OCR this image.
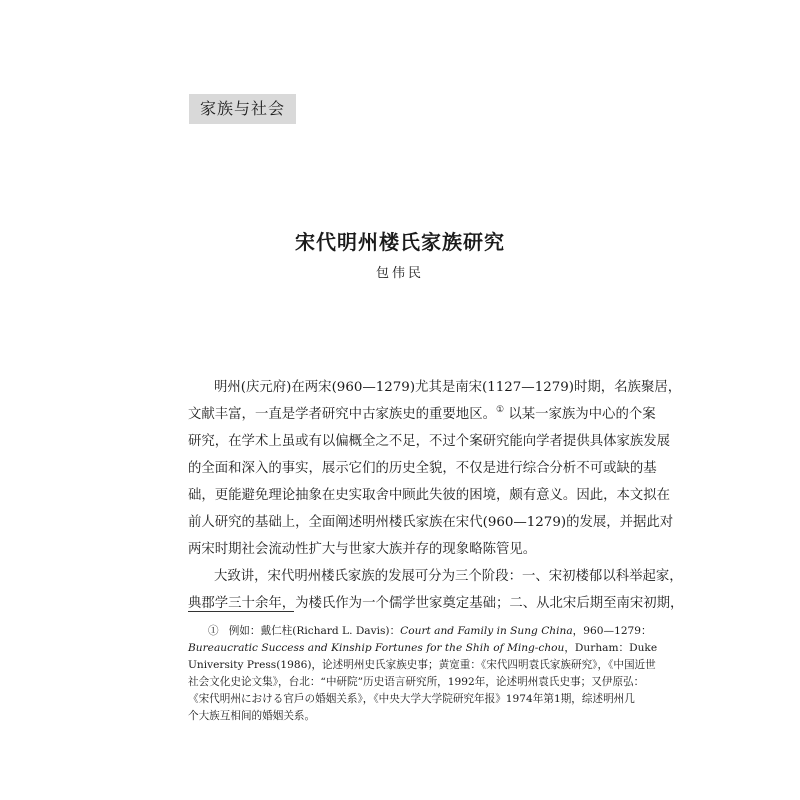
家族与社会
宋代明州楼氏家族研究
包伟民
明州(庆元府)在两宋(960—1279)尤其是南宋(1127—1279)时期，名族聚居，
文献丰富，一直是学者研究中古家族史的重要地区。① 以某一家族为中心的个案
研究，在学术上虽或有以偏概全之不足，不过个案研究能向学者提供具体家族发展
的全面和深入的事实，展示它们的历史全貌，不仅是进行综合分析不可或缺的基
础，更能避免理论抽象在史实取舍中顾此失彼的困境，颇有意义。因此，本文拟在
前人研究的基础上，全面阐述明州楼氏家族在宋代(960—1279)的发展，并据此对
两宋时期社会流动性扩大与世家大族并存的现象略陈管见。
大致讲，宋代明州楼氏家族的发展可分为三个阶段：一、宋初楼郁以科举起家，
典郡学三十余年，为楼氏作为一个儒学世家奠定基础；二、从北宋后期至南宋初期，
① 例如：戴仁柱(Richard L. Davis)：Court and Family in Sung China，960—1279：
Bureaucratic Success and Kinship Fortunes for the Shih of Ming-chou，Durham：Duke
University Press(1986)，论述明州史氏家族史事；黄宽重：《宋代四明袁氏家族研究》，《中国近世
社会文化史论文集》，台北：“中研院”历史语言研究所，1992年，论述明州袁氏史事；又伊原弘：
《宋代明州における官戶の婚姻关系》，《中央大学大学院研究年报》1974年第1期，综述明州几
个大族互相间的婚姻关系。
